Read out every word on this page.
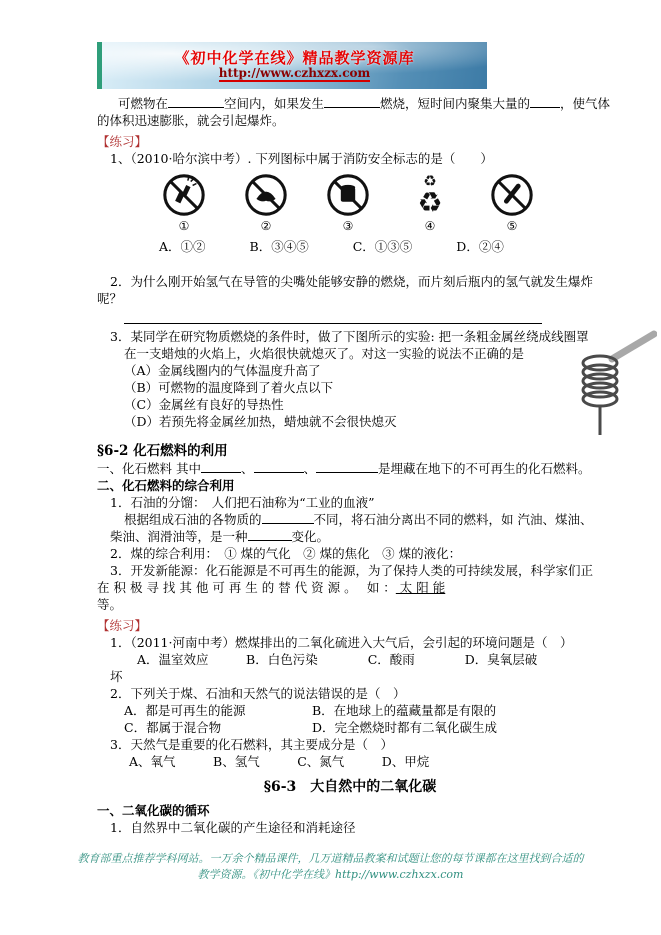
《初中化学在线》精品教学资源库
http://www.czhxzx.com
可燃物在	空间内，如果发生	燃烧，短时间内聚集大量的 ，使气体
的体积迅速膨胀，就会引起爆炸。
【练习】
1、（2010·哈尔滨中考）. 下列图标中属于消防安全标志的是（　　）
①	②	③
♻
♻
④	⑤
A．①②	B．③④⑤	C．①③⑤	D．②④
2．为什么刚开始氢气在导管的尖嘴处能够安静的燃烧，而片刻后瓶内的氢气就发生爆炸
呢？
3．某同学在研究物质燃烧的条件时，做了下图所示的实验: 把一条粗金属丝绕成线圈罩
在一支蜡烛的火焰上，火焰很快就熄灭了。对这一实验的说法不正确的是
（A）金属线圈内的气体温度升高了
（B）可燃物的温度降到了着火点以下
（C）金属丝有良好的导热性
（D）若预先将金属丝加热，蜡烛就不会很快熄灭
§6-2 化石燃料的利用
一、化石燃料 其中	、	、	是埋藏在地下的不可再生的化石燃料。
二、化石燃料的综合利用
1．石油的分馏：　人们把石油称为“工业的血液”
根据组成石油的各物质的	不同，将石油分离出不同的燃料，如 汽油、煤油、
柴油、润滑油等，是一种	变化。
2．煤的综合利用：　① 煤的气化　② 煤的焦化　③ 煤的液化：
3．开发新能源：化石能源是不可再生的能源，为了保持人类的可持续发展，科学家们正
在 积 极 寻 找 其 他 可 再 生 的 替 代 资 源 。　 如 ： 太 阳 能
等。
【练习】
1．（2011·河南中考）燃煤排出的二氧化硫进入大气后，会引起的环境问题是（　）
A．温室效应　　　B．白色污染　　　　C．酸雨　　　　D．臭氧层破
坏
2．下列关于煤、石油和天然气的说法错误的是（　）
A．都是可再生的能源	B．在地球上的蕴藏量都是有限的
C．都属于混合物	D．完全燃烧时都有二氧化碳生成
3．天然气是重要的化石燃料，其主要成分是（　）
A、氧气　　　B、氢气　　　C、氮气　　　D、甲烷
§6-3　大自然中的二氧化碳
一、二氧化碳的循环
1．自然界中二氧化碳的产生途径和消耗途径
教育部重点推荐学科网站。一万余个精品课件，几万道精品教案和试题让您的每节课都在这里找到合适的
教学资源。《初中化学在线》http://www.czhxzx.com
